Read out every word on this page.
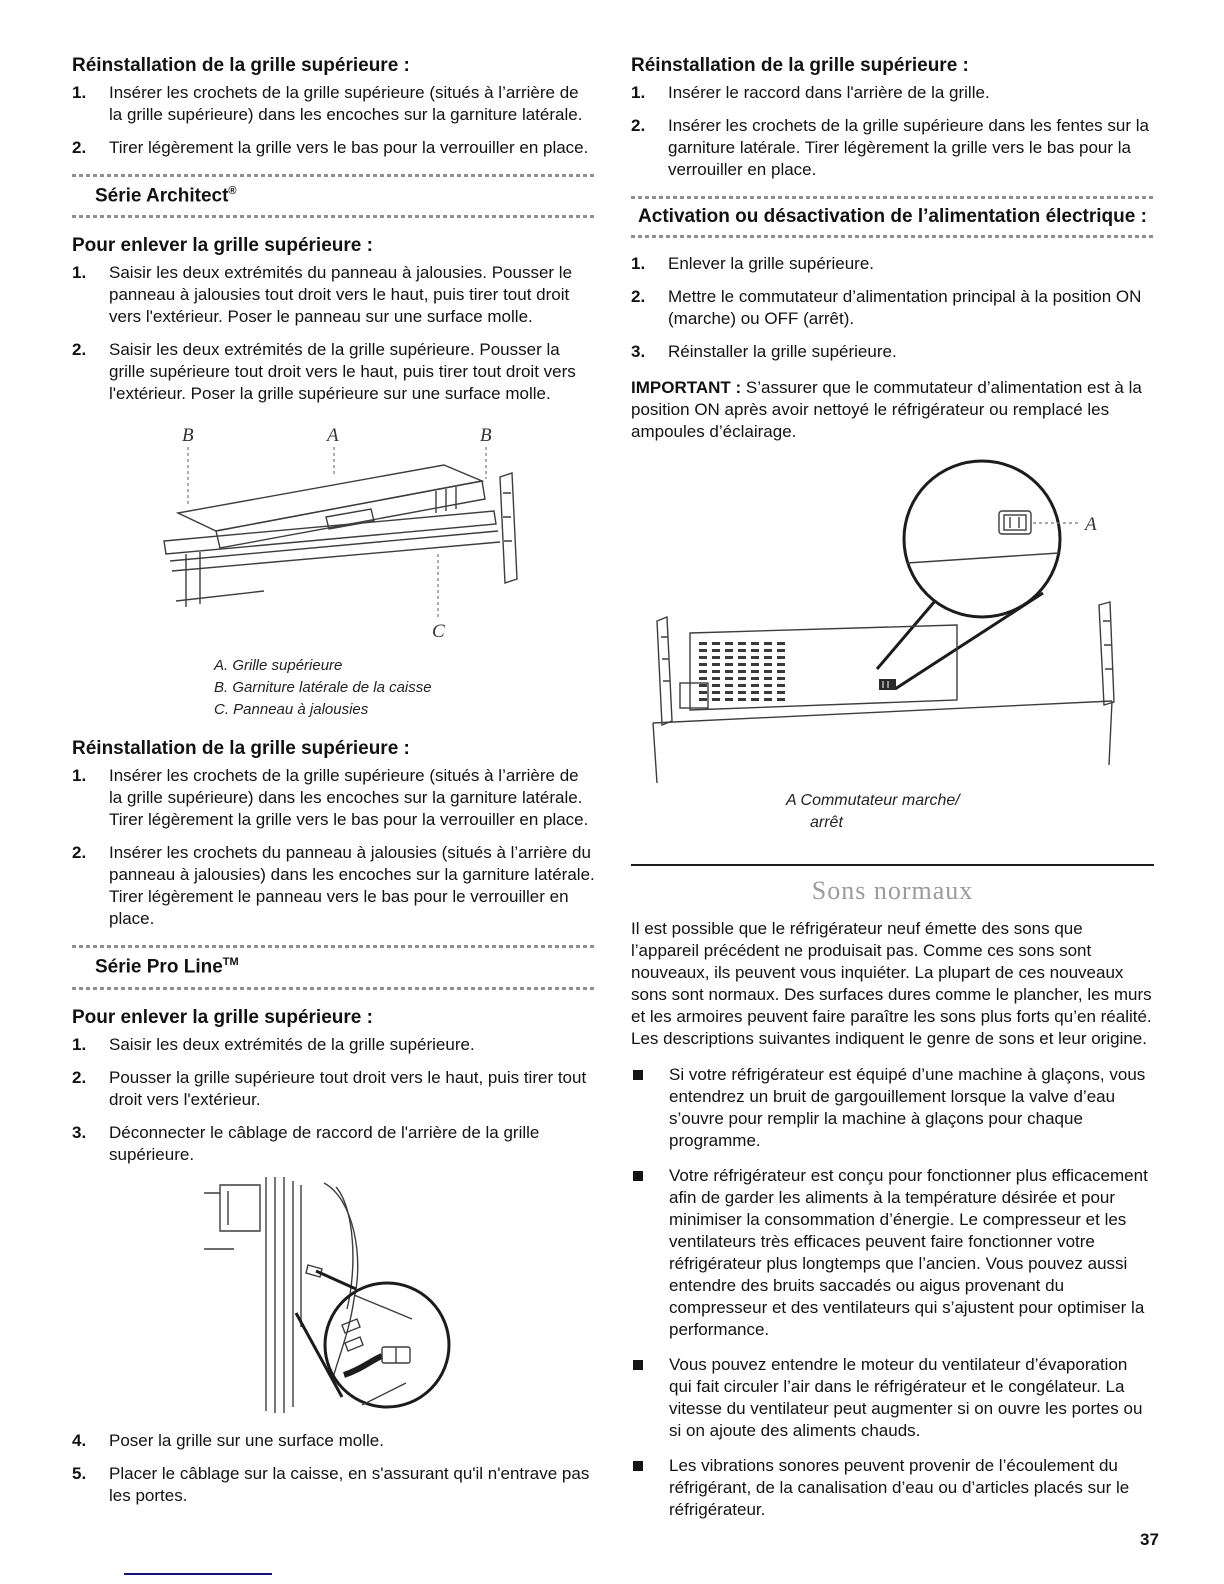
Réinstallation de la grille supérieure :
1.	Insérer les crochets de la grille supérieure (situés à l’arrière de la grille supérieure) dans les encoches sur la garniture latérale.
2.	Tirer légèrement la grille vers le bas pour la verrouiller en place.
Série Architect®
Pour enlever la grille supérieure :
1.	Saisir les deux extrémités du panneau à jalousies. Pousser le panneau à jalousies tout droit vers le haut, puis tirer tout droit vers l'extérieur. Poser le panneau sur une surface molle.
2.	Saisir les deux extrémités de la grille supérieure. Pousser la grille supérieure tout droit vers le haut, puis tirer tout droit vers l'extérieur. Poser la grille supérieure sur une surface molle.
B	A	B
C
A. Grille supérieure
B. Garniture latérale de la caisse
C. Panneau à jalousies
Réinstallation de la grille supérieure :
1.	Insérer les crochets de la grille supérieure (situés à l’arrière de la grille supérieure) dans les encoches sur la garniture latérale. Tirer légèrement la grille vers le bas pour la verrouiller en place.
2.	Insérer les crochets du panneau à jalousies (situés à l’arrière du panneau à jalousies) dans les encoches sur la garniture latérale. Tirer légèrement le panneau vers le bas pour le verrouiller en place.
Série Pro Line™
Pour enlever la grille supérieure :
1.	Saisir les deux extrémités de la grille supérieure.
2.	Pousser la grille supérieure tout droit vers le haut, puis tirer tout droit vers l'extérieur.
3.	Déconnecter le câblage de raccord de l'arrière de la grille supérieure.
4.	Poser la grille sur une surface molle.
5.	Placer le câblage sur la caisse, en s'assurant qu'il n'entrave pas les portes.
Réinstallation de la grille supérieure :
1.	Insérer le raccord dans l'arrière de la grille.
2.	Insérer les crochets de la grille supérieure dans les fentes sur la garniture latérale. Tirer légèrement la grille vers le bas pour la verrouiller en place.
Activation ou désactivation de l’alimentation électrique :
1.	Enlever la grille supérieure.
2.	Mettre le commutateur d’alimentation principal à la position ON (marche) ou OFF (arrêt).
3.	Réinstaller la grille supérieure.

IMPORTANT : S’assurer que le commutateur d’alimentation est à la position ON après avoir nettoyé le réfrigérateur ou remplacé les ampoules d’éclairage.

A
A Commutateur marche/
arrêt
Sons normaux

Il est possible que le réfrigérateur neuf émette des sons que l’appareil précédent ne produisait pas. Comme ces sons sont nouveaux, ils peuvent vous inquiéter. La plupart de ces nouveaux sons sont normaux. Des surfaces dures comme le plancher, les murs et les armoires peuvent faire paraître les sons plus forts qu’en réalité. Les descriptions suivantes indiquent le genre de sons et leur origine.

Si votre réfrigérateur est équipé d’une machine à glaçons, vous entendrez un bruit de gargouillement lorsque la valve d’eau s’ouvre pour remplir la machine à glaçons pour chaque programme.
Votre réfrigérateur est conçu pour fonctionner plus efficacement afin de garder les aliments à la température désirée et pour minimiser la consommation d’énergie. Le compresseur et les ventilateurs très efficaces peuvent faire fonctionner votre réfrigérateur plus longtemps que l’ancien. Vous pouvez aussi entendre des bruits saccadés ou aigus provenant du compresseur et des ventilateurs qui s’ajustent pour optimiser la performance.
Vous pouvez entendre le moteur du ventilateur d’évaporation qui fait circuler l’air dans le réfrigérateur et le congélateur. La vitesse du ventilateur peut augmenter si on ouvre les portes ou si on ajoute des aliments chauds.
Les vibrations sonores peuvent provenir de l’écoulement du réfrigérant, de la canalisation d’eau ou d’articles placés sur le réfrigérateur.
37
